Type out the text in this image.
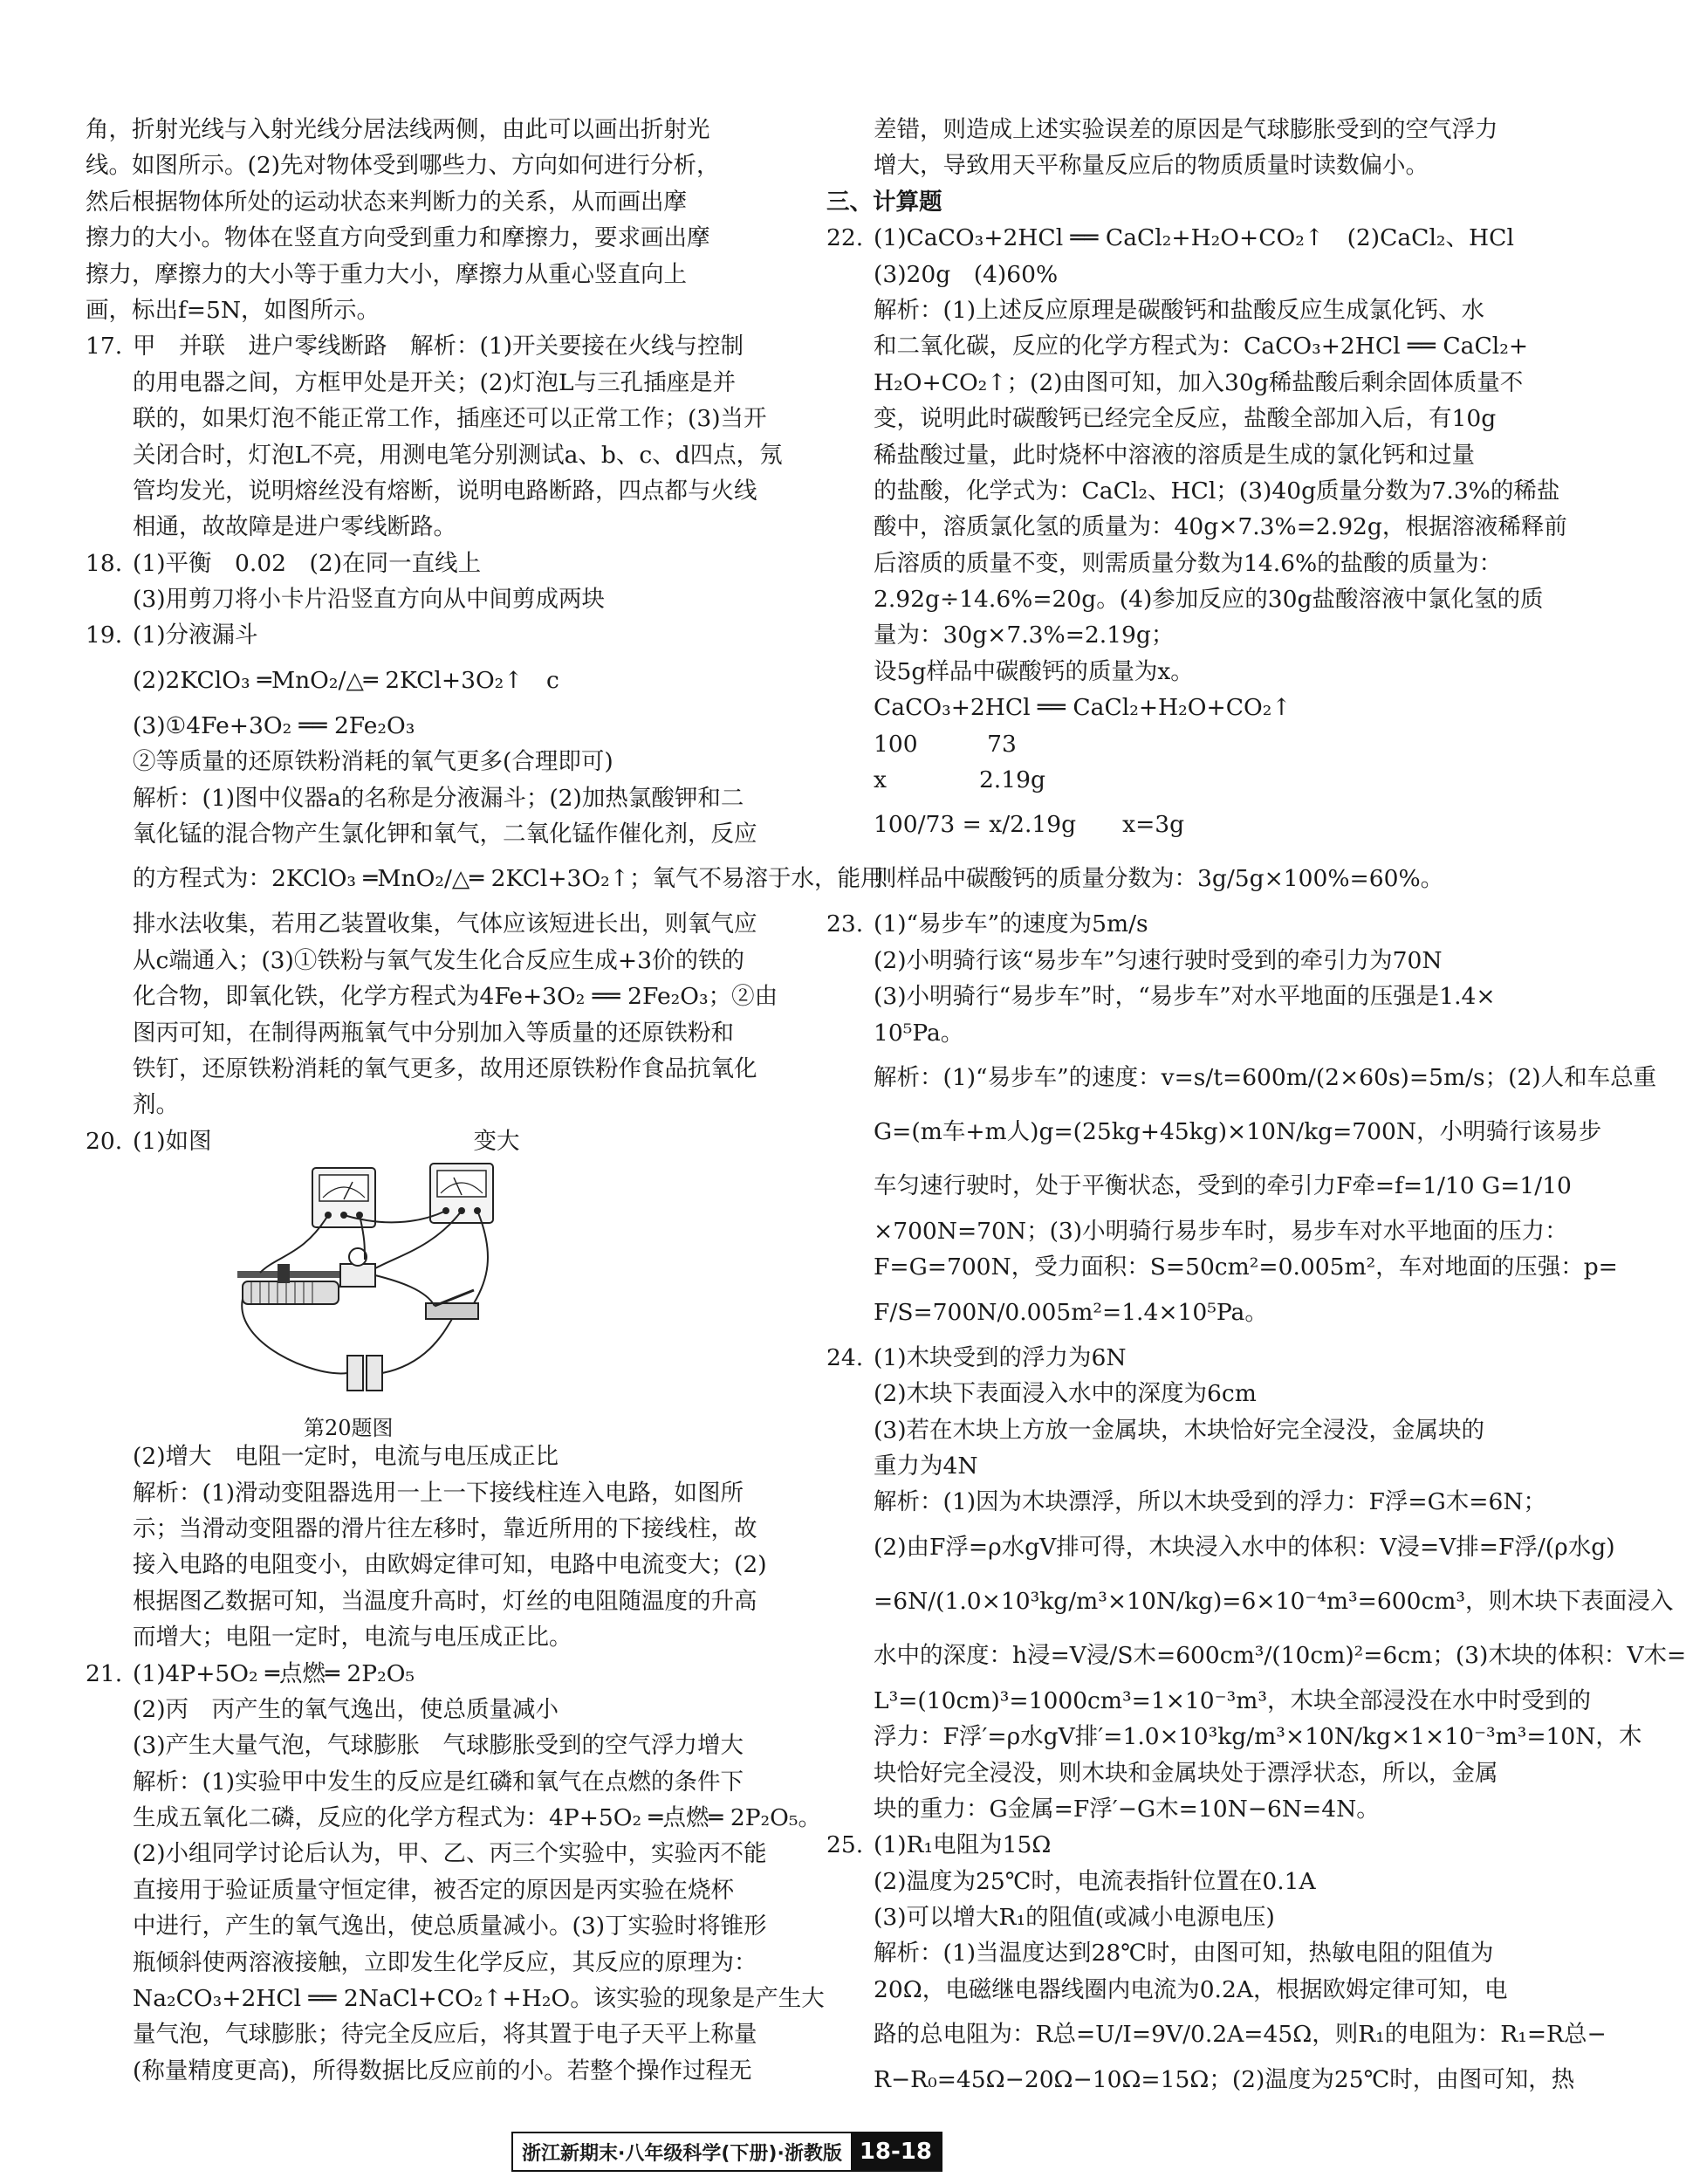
角，折射光线与入射光线分居法线两侧，由此可以画出折射光
线。如图所示。(2)先对物体受到哪些力、方向如何进行分析，
然后根据物体所处的运动状态来判断力的关系，从而画出摩
擦力的大小。物体在竖直方向受到重力和摩擦力，要求画出摩
擦力，摩擦力的大小等于重力大小，摩擦力从重心竖直向上
画，标出f=5N，如图所示。
17. 甲　并联　进户零线断路　解析：(1)开关要接在火线与控制
的用电器之间，方框甲处是开关；(2)灯泡L与三孔插座是并
联的，如果灯泡不能正常工作，插座还可以正常工作；(3)当开
关闭合时，灯泡L不亮，用测电笔分别测试a、b、c、d四点，氖
管均发光，说明熔丝没有熔断，说明电路断路，四点都与火线
相通，故故障是进户零线断路。
18. (1)平衡　0.02　(2)在同一直线上
(3)用剪刀将小卡片沿竖直方向从中间剪成两块
19. (1)分液漏斗
(2)2KClO₃ ═MnO₂/△═ 2KCl+3O₂↑　c
(3)①4Fe+3O₂ ══ 2Fe₂O₃
②等质量的还原铁粉消耗的氧气更多(合理即可)
解析：(1)图中仪器a的名称是分液漏斗；(2)加热氯酸钾和二
氧化锰的混合物产生氯化钾和氧气，二氧化锰作催化剂，反应
的方程式为：2KClO₃ ═MnO₂/△═ 2KCl+3O₂↑；氧气不易溶于水，能用
排水法收集，若用乙装置收集，气体应该短进长出，则氧气应
从c端通入；(3)①铁粉与氧气发生化合反应生成+3价的铁的
化合物，即氧化铁，化学方程式为4Fe+3O₂ ══ 2Fe₂O₃；②由
图丙可知，在制得两瓶氧气中分别加入等质量的还原铁粉和
铁钉，还原铁粉消耗的氧气更多，故用还原铁粉作食品抗氧化
剂。
20. (1)如图	变大
第20题图
(2)增大　电阻一定时，电流与电压成正比
解析：(1)滑动变阻器选用一上一下接线柱连入电路，如图所
示；当滑动变阻器的滑片往左移时，靠近所用的下接线柱，故
接入电路的电阻变小，由欧姆定律可知，电路中电流变大；(2)
根据图乙数据可知，当温度升高时，灯丝的电阻随温度的升高
而增大；电阻一定时，电流与电压成正比。
21. (1)4P+5O₂ ═点燃═ 2P₂O₅
(2)丙　丙产生的氧气逸出，使总质量减小
(3)产生大量气泡，气球膨胀　气球膨胀受到的空气浮力增大
解析：(1)实验甲中发生的反应是红磷和氧气在点燃的条件下
生成五氧化二磷，反应的化学方程式为：4P+5O₂ ═点燃═ 2P₂O₅。
(2)小组同学讨论后认为，甲、乙、丙三个实验中，实验丙不能
直接用于验证质量守恒定律，被否定的原因是丙实验在烧杯
中进行，产生的氧气逸出，使总质量减小。(3)丁实验时将锥形
瓶倾斜使两溶液接触，立即发生化学反应，其反应的原理为：
Na₂CO₃+2HCl ══ 2NaCl+CO₂↑+H₂O。该实验的现象是产生大
量气泡，气球膨胀；待完全反应后，将其置于电子天平上称量
(称量精度更高)，所得数据比反应前的小。若整个操作过程无
差错，则造成上述实验误差的原因是气球膨胀受到的空气浮力
增大，导致用天平称量反应后的物质质量时读数偏小。
三、计算题
22. (1)CaCO₃+2HCl ══ CaCl₂+H₂O+CO₂↑　(2)CaCl₂、HCl
(3)20g　(4)60%
解析：(1)上述反应原理是碳酸钙和盐酸反应生成氯化钙、水
和二氧化碳，反应的化学方程式为：CaCO₃+2HCl ══ CaCl₂+
H₂O+CO₂↑；(2)由图可知，加入30g稀盐酸后剩余固体质量不
变，说明此时碳酸钙已经完全反应，盐酸全部加入后，有10g
稀盐酸过量，此时烧杯中溶液的溶质是生成的氯化钙和过量
的盐酸，化学式为：CaCl₂、HCl；(3)40g质量分数为7.3%的稀盐
酸中，溶质氯化氢的质量为：40g×7.3%=2.92g，根据溶液稀释前
后溶质的质量不变，则需质量分数为14.6%的盐酸的质量为：
2.92g÷14.6%=20g。(4)参加反应的30g盐酸溶液中氯化氢的质
量为：30g×7.3%=2.19g；
设5g样品中碳酸钙的质量为x。
CaCO₃+2HCl ══ CaCl₂+H₂O+CO₂↑
100　　　73
x　　　　2.19g
100/73 = x/2.19g　　x=3g
则样品中碳酸钙的质量分数为：3g/5g×100%=60%。
23. (1)“易步车”的速度为5m/s
(2)小明骑行该“易步车”匀速行驶时受到的牵引力为70N
(3)小明骑行“易步车”时，“易步车”对水平地面的压强是1.4×
10⁵Pa。
解析：(1)“易步车”的速度：v=s/t=600m/(2×60s)=5m/s；(2)人和车总重
G=(m车+m人)g=(25kg+45kg)×10N/kg=700N，小明骑行该易步
车匀速行驶时，处于平衡状态，受到的牵引力F牵=f=1/10 G=1/10
×700N=70N；(3)小明骑行易步车时，易步车对水平地面的压力：
F=G=700N，受力面积：S=50cm²=0.005m²，车对地面的压强：p=
F/S=700N/0.005m²=1.4×10⁵Pa。
24. (1)木块受到的浮力为6N
(2)木块下表面浸入水中的深度为6cm
(3)若在木块上方放一金属块，木块恰好完全浸没，金属块的
重力为4N
解析：(1)因为木块漂浮，所以木块受到的浮力：F浮=G木=6N；
(2)由F浮=ρ水gV排可得，木块浸入水中的体积：V浸=V排=F浮/(ρ水g)
=6N/(1.0×10³kg/m³×10N/kg)=6×10⁻⁴m³=600cm³，则木块下表面浸入
水中的深度：h浸=V浸/S木=600cm³/(10cm)²=6cm；(3)木块的体积：V木=
L³=(10cm)³=1000cm³=1×10⁻³m³，木块全部浸没在水中时受到的
浮力：F浮′=ρ水gV排′=1.0×10³kg/m³×10N/kg×1×10⁻³m³=10N，木
块恰好完全浸没，则木块和金属块处于漂浮状态，所以，金属
块的重力：G金属=F浮′−G木=10N−6N=4N。
25. (1)R₁电阻为15Ω
(2)温度为25℃时，电流表指针位置在0.1A
(3)可以增大R₁的阻值(或减小电源电压)
解析：(1)当温度达到28℃时，由图可知，热敏电阻的阻值为
20Ω，电磁继电器线圈内电流为0.2A，根据欧姆定律可知，电
路的总电阻为：R总=U/I=9V/0.2A=45Ω，则R₁的电阻为：R₁=R总−
R−R₀=45Ω−20Ω−10Ω=15Ω；(2)温度为25℃时，由图可知，热
浙江新期末·八年级科学(下册)·浙教版 18-18
